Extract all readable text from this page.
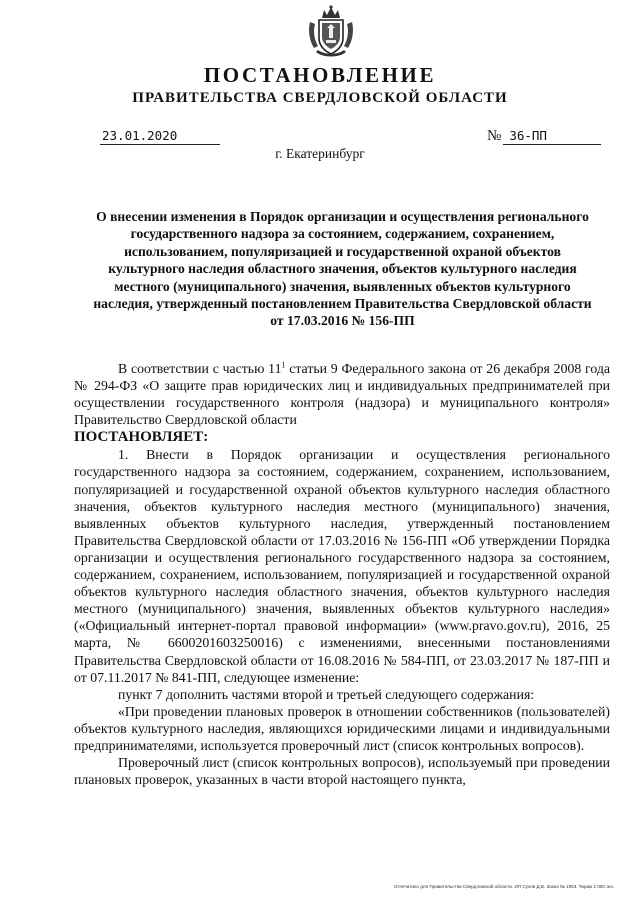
ПОСТАНОВЛЕНИЕ
ПРАВИТЕЛЬСТВА СВЕРДЛОВСКОЙ ОБЛАСТИ
23.01.2020	№ 36-ПП
г. Екатеринбург
О внесении изменения в Порядок организации и осуществления регионального государственного надзора за состоянием, содержанием, сохранением, использованием, популяризацией и государственной охраной объектов культурного наследия областного значения, объектов культурного наследия местного (муниципального) значения, выявленных объектов культурного наследия, утвержденный постановлением Правительства Свердловской области от 17.03.2016 № 156-ПП

В соответствии с частью $11^1$ статьи 9 Федерального закона от 26 декабря 2008 года № 294-ФЗ «О защите прав юридических лиц и индивидуальных предпринимателей при осуществлении государственного контроля (надзора) и муниципального контроля» Правительство Свердловской области

ПОСТАНОВЛЯЕТ:

1. Внести в Порядок организации и осуществления регионального государственного надзора за состоянием, содержанием, сохранением, использованием, популяризацией и государственной охраной объектов культурного наследия областного значения, объектов культурного наследия местного (муниципального) значения, выявленных объектов культурного наследия, утвержденный постановлением Правительства Свердловской области от 17.03.2016 № 156-ПП «Об утверждении Порядка организации и осуществления регионального государственного надзора за состоянием, содержанием, сохранением, использованием, популяризацией и государственной охраной объектов культурного наследия областного значения, объектов культурного наследия местного (муниципального) значения, выявленных объектов культурного наследия» («Официальный интернет-портал правовой информации» (www.pravo.gov.ru), 2016, 25 марта, № 6600201603250016) с изменениями, внесенными постановлениями Правительства Свердловской области от 16.08.2016 № 584-ПП, от 23.03.2017 № 187-ПП и от 07.11.2017 № 841-ПП, следующее изменение:

пункт 7 дополнить частями второй и третьей следующего содержания:

«При проведении плановых проверок в отношении собственников (пользователей) объектов культурного наследия, являющихся юридическими лицами и индивидуальными предпринимателями, используется проверочный лист (список контрольных вопросов).

Проверочный лист (список контрольных вопросов), используемый при проведении плановых проверок, указанных в части второй настоящего пункта,

Отпечатано для Правительства Свердловской области. ИП Сухов Д.В. Заказ № 1963. Тираж 2 000 экз.
